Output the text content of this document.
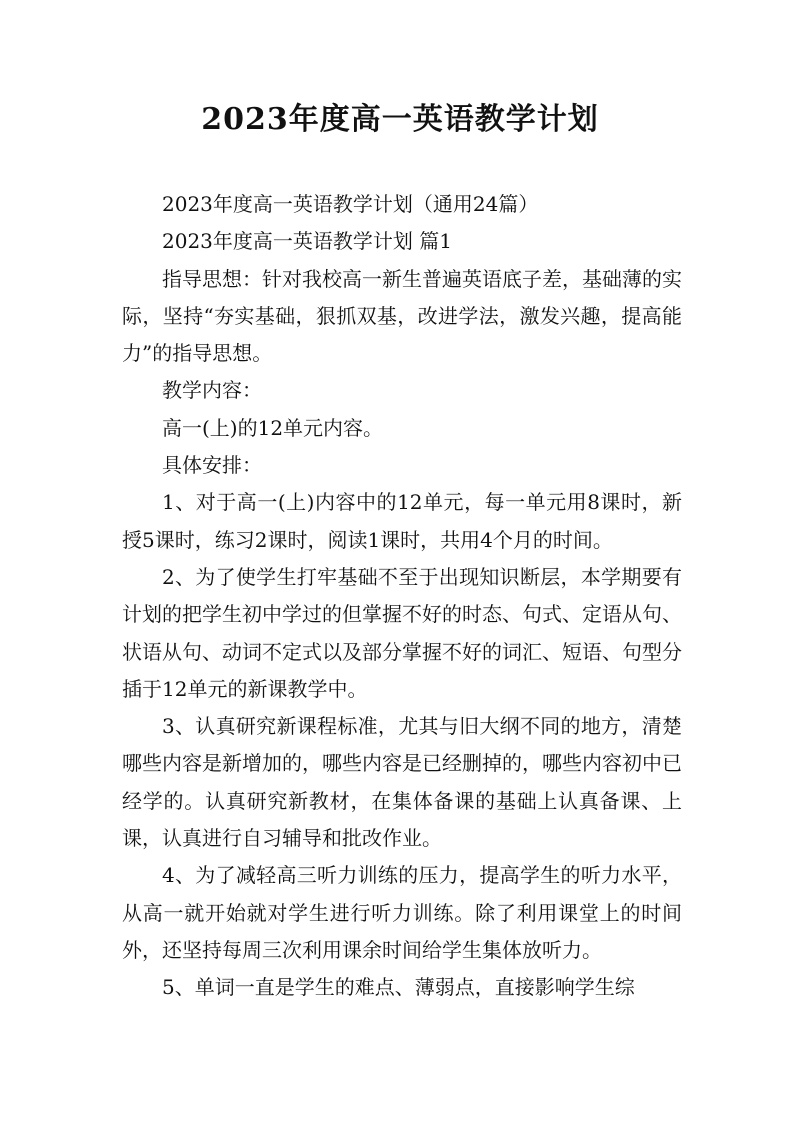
2023年度高一英语教学计划

2023年度高一英语教学计划（通用24篇）

2023年度高一英语教学计划 篇1

指导思想：针对我校高一新生普遍英语底子差，基础薄的实际，坚持“夯实基础，狠抓双基，改进学法，激发兴趣，提高能力”的指导思想。

教学内容：

高一(上)的12单元内容。

具体安排：

1、对于高一(上)内容中的12单元，每一单元用8课时，新授5课时，练习2课时，阅读1课时，共用4个月的时间。

2、为了使学生打牢基础不至于出现知识断层，本学期要有计划的把学生初中学过的但掌握不好的时态、句式、定语从句、状语从句、动词不定式以及部分掌握不好的词汇、短语、句型分插于12单元的新课教学中。

3、认真研究新课程标准，尤其与旧大纲不同的地方，清楚哪些内容是新增加的，哪些内容是已经删掉的，哪些内容初中已经学的。认真研究新教材，在集体备课的基础上认真备课、上课，认真进行自习辅导和批改作业。

4、为了减轻高三听力训练的压力，提高学生的听力水平，从高一就开始就对学生进行听力训练。除了利用课堂上的时间外，还坚持每周三次利用课余时间给学生集体放听力。

5、单词一直是学生的难点、薄弱点，直接影响学生综
